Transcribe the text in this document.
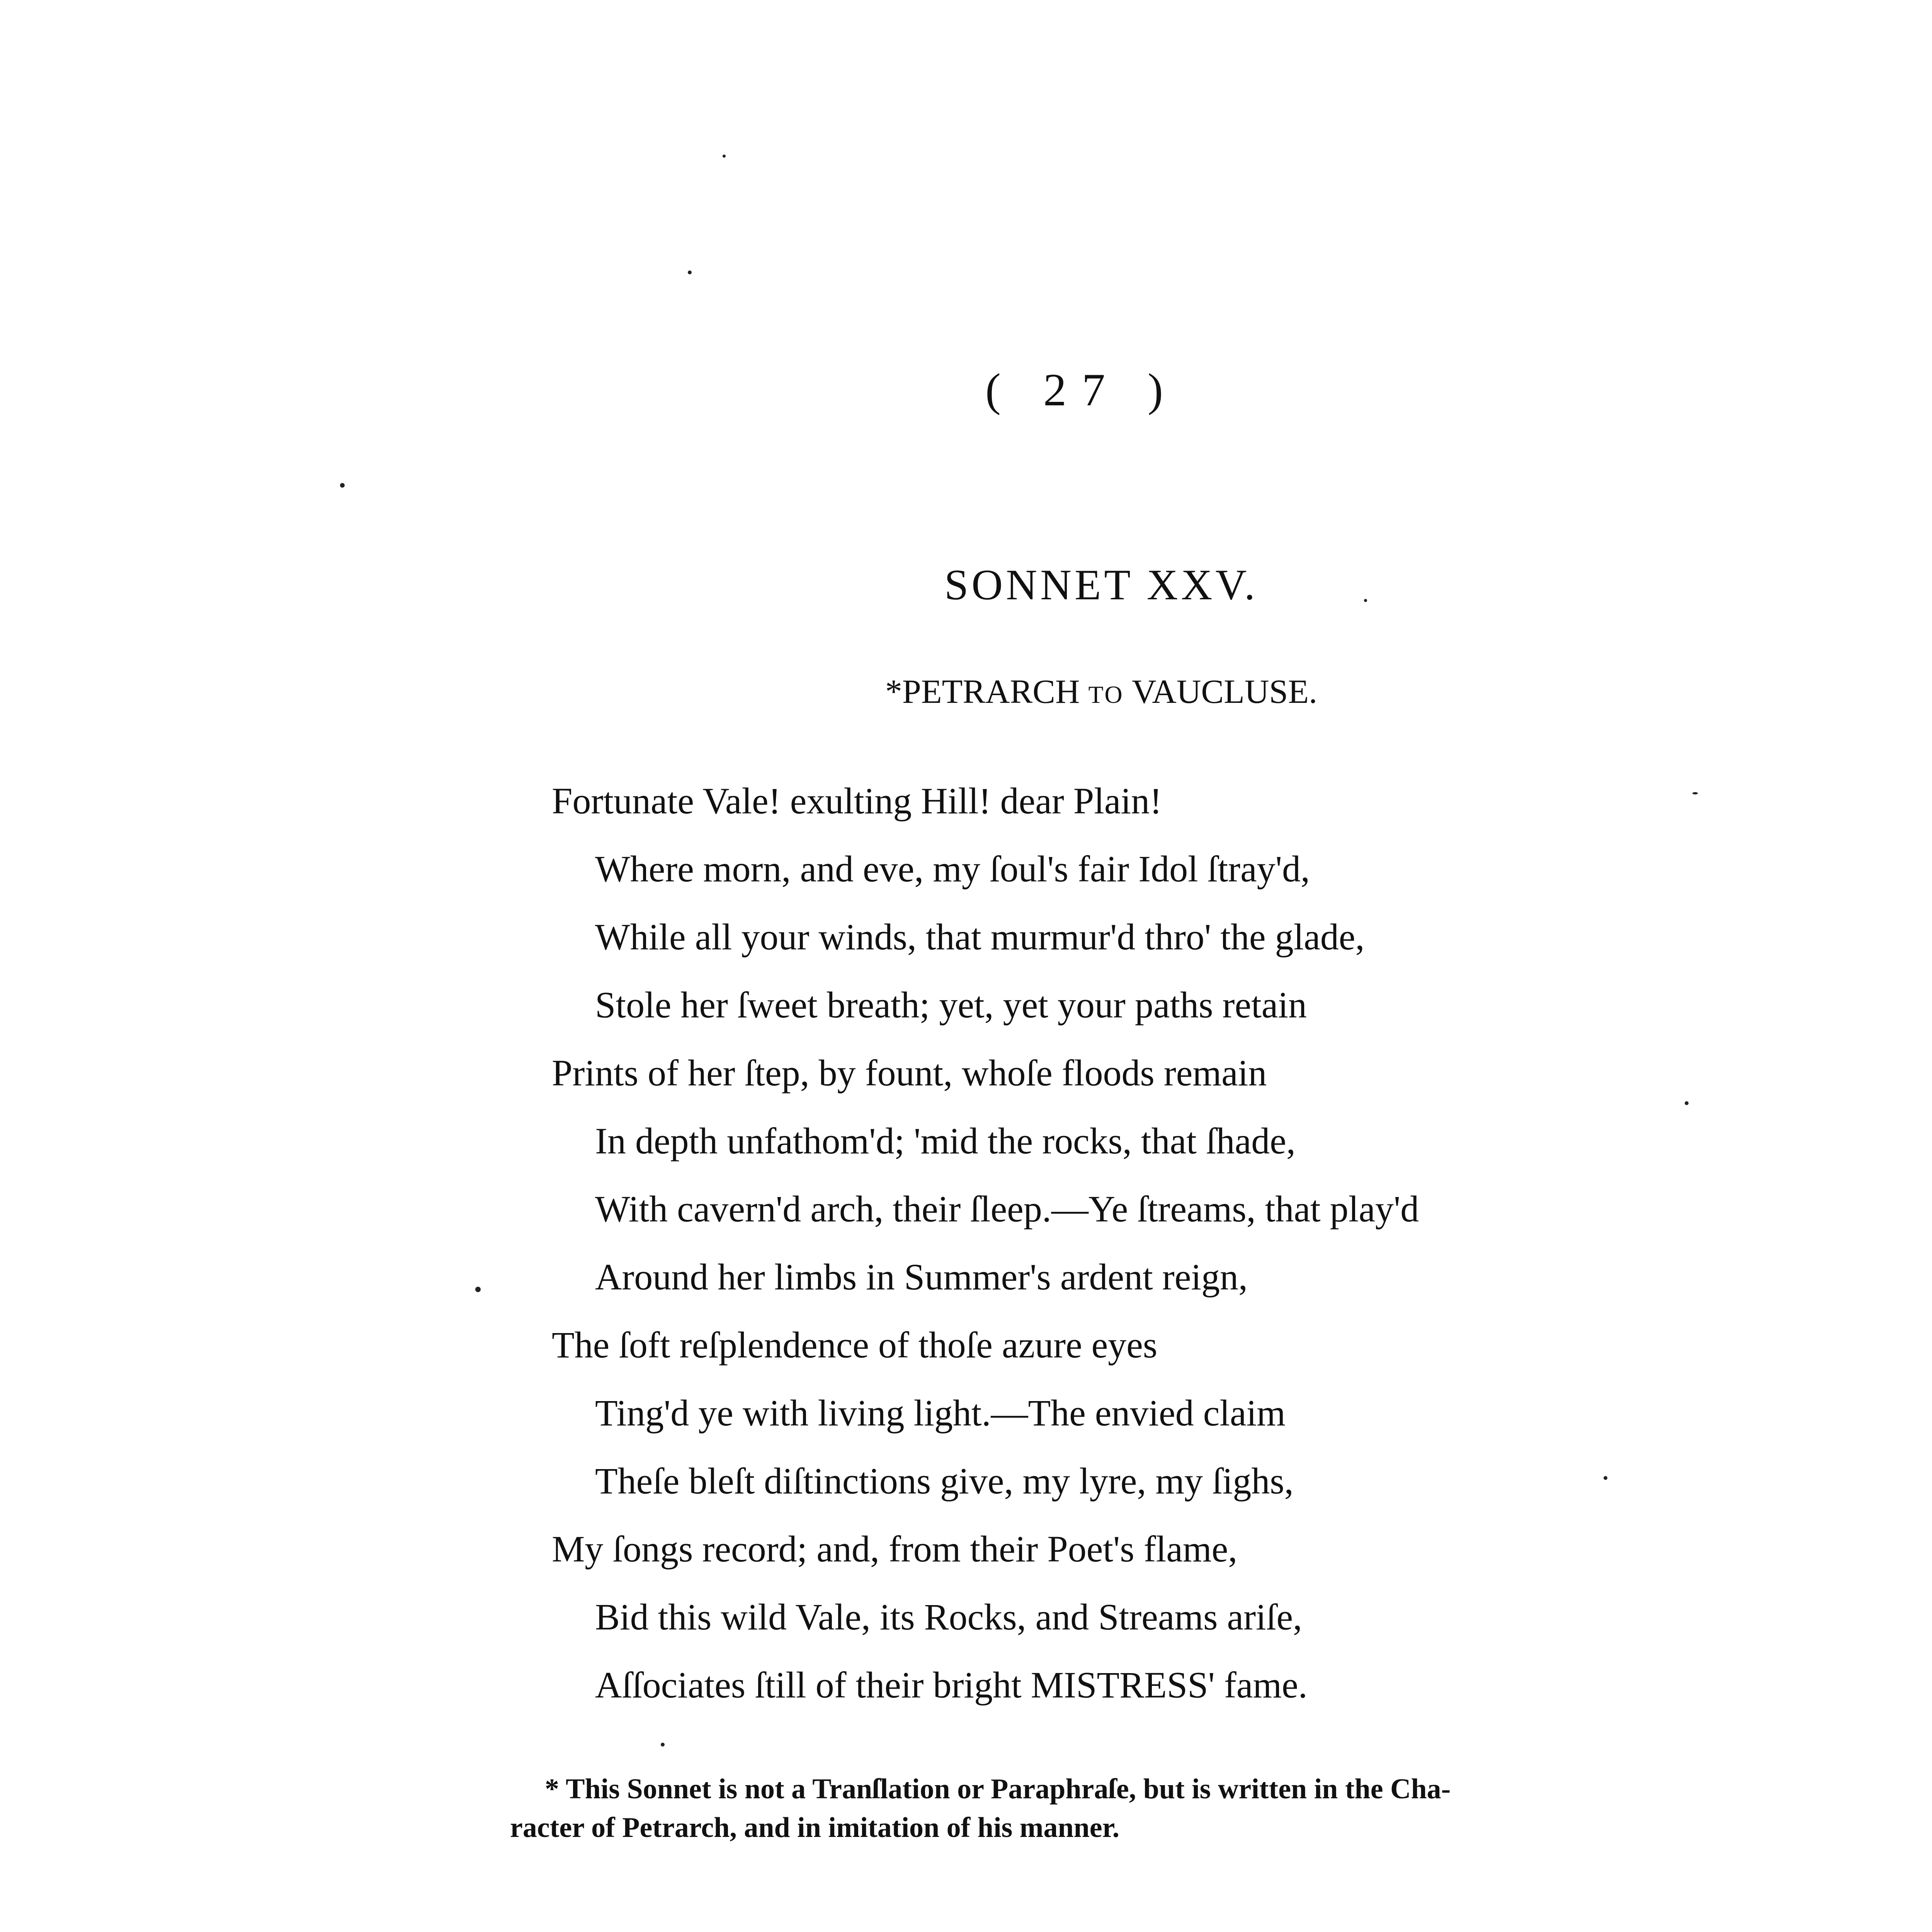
( 27 )
SONNET XXV.
*PETRARCH TO VAUCLUSE.
Fortunate Vale! exulting Hill! dear Plain!
Where morn, and eve, my ſoul's fair Idol ſtray'd,
While all your winds, that murmur'd thro' the glade,
Stole her ſweet breath; yet, yet your paths retain
Prints of her ſtep, by fount, whoſe floods remain
In depth unfathom'd; 'mid the rocks, that ſhade,
With cavern'd arch, their ſleep.—Ye ſtreams, that play'd
Around her limbs in Summer's ardent reign,
The ſoft reſplendence of thoſe azure eyes
Ting'd ye with living light.—The envied claim
Theſe bleſt diſtinctions give, my lyre, my ſighs,
My ſongs record; and, from their Poet's flame,
Bid this wild Vale, its Rocks, and Streams ariſe,
Aſſociates ſtill of their bright MISTRESS' fame.
* This Sonnet is not a Tranſlation or Paraphraſe, but is written in the Cha-
racter of Petrarch, and in imitation of his manner.
